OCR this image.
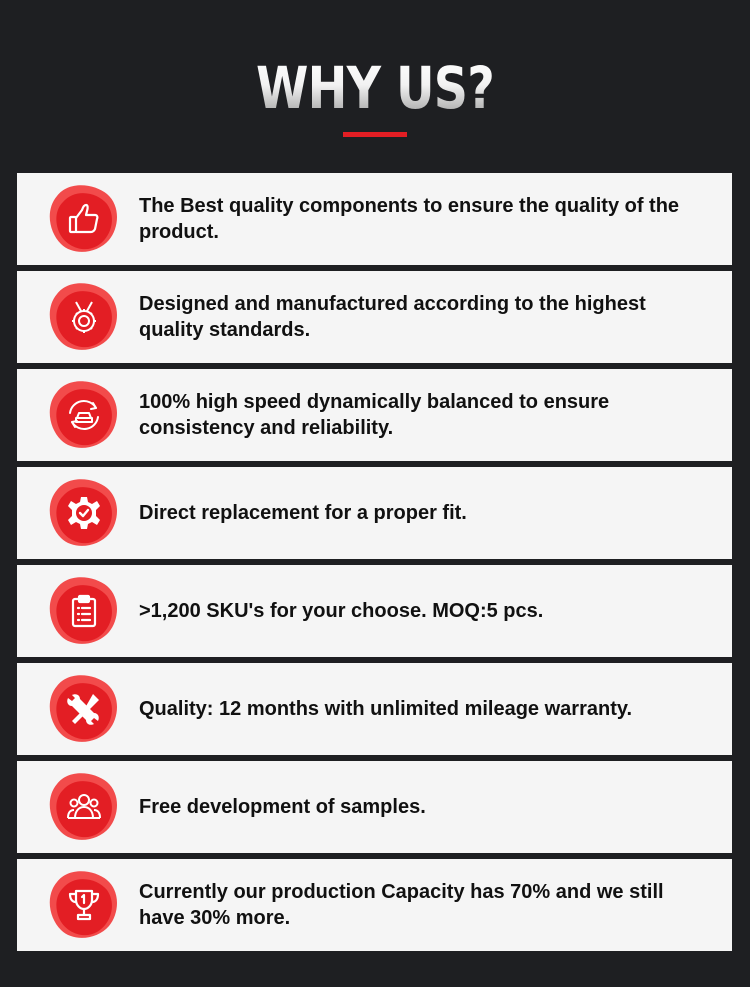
WHY US?
The Best quality components to ensure the quality of the product.
Designed and manufactured according to the highest quality standards.
100% high speed dynamically balanced to ensure consistency and reliability.
Direct replacement for a proper fit.
>1,200 SKU's for your choose. MOQ:5 pcs.
Quality: 12 months with unlimited mileage warranty.
Free development of samples.
Currently our production Capacity has 70% and we still have 30% more.
